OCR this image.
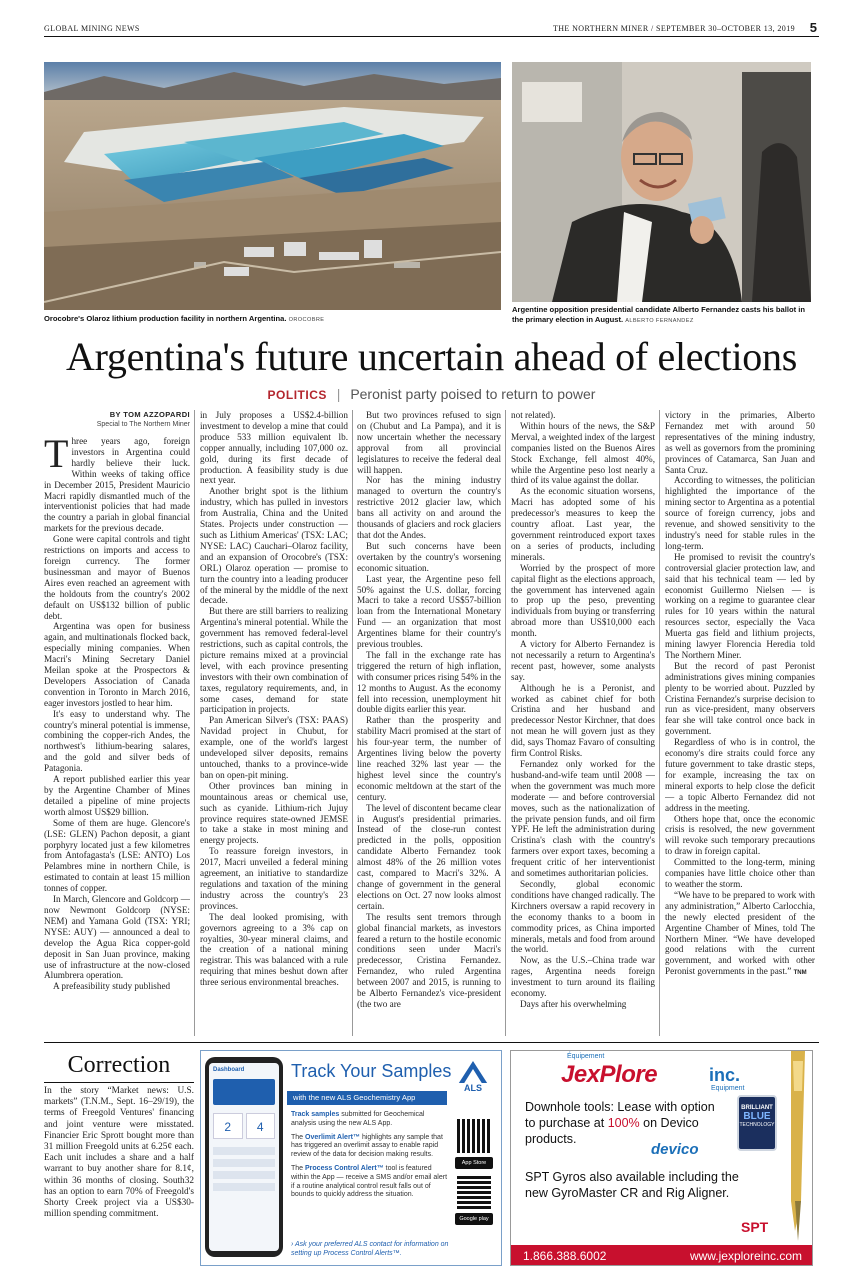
GLOBAL MINING NEWS	THE NORTHERN MINER / SEPTEMBER 30–OCTOBER 13, 2019 5
Orocobre's Olaroz lithium production facility in northern Argentina. OROCOBRE
Argentine opposition presidential candidate Alberto Fernandez casts his ballot in the primary election in August. ALBERTO FERNANDEZ
Argentina's future uncertain ahead of elections
POLITICS | Peronist party poised to return to power
BY TOM AZZOPARDI
Special to The Northern Miner

Three years ago, foreign investors in Argentina could hardly believe their luck. Within weeks of taking office in December 2015, President Mauricio Macri rapidly dismantled much of the interventionist policies that had made the country a pariah in global financial markets for the previous decade.

Gone were capital controls and tight restrictions on imports and access to foreign currency. The former businessman and mayor of Buenos Aires even reached an agreement with the holdouts from the country's 2002 default on US$132 billion of public debt.

Argentina was open for business again, and multinationals flocked back, especially mining companies. When Macri's Mining Secretary Daniel Meilan spoke at the Prospectors & Developers Association of Canada convention in Toronto in March 2016, eager investors jostled to hear him.

It's easy to understand why. The country's mineral potential is immense, combining the copper-rich Andes, the northwest's lithium-bearing salares, and the gold and silver beds of Patagonia.

A report published earlier this year by the Argentine Chamber of Mines detailed a pipeline of mine projects worth almost US$29 billion.

Some of them are huge. Glencore's (LSE: GLEN) Pachon deposit, a giant porphyry located just a few kilometres from Antofagasta's (LSE: ANTO) Los Pelambres mine in northern Chile, is estimated to contain at least 15 million tonnes of copper.

In March, Glencore and Goldcorp — now Newmont Goldcorp (NYSE: NEM) and Yamana Gold (TSX: YRI; NYSE: AUY) — announced a deal to develop the Agua Rica copper-gold deposit in San Juan province, making use of infrastructure at the now-closed Alumbrera operation.

A prefeasibility study published

in July proposes a US$2.4-billion investment to develop a mine that could produce 533 million equivalent lb. copper annually, including 107,000 oz. gold, during its first decade of production. A feasibility study is due next year.

Another bright spot is the lithium industry, which has pulled in investors from Australia, China and the United States. Projects under construction — such as Lithium Americas' (TSX: LAC; NYSE: LAC) Cauchari–Olaroz facility, and an expansion of Orocobre's (TSX: ORL) Olaroz operation — promise to turn the country into a leading producer of the mineral by the middle of the next decade.

But there are still barriers to realizing Argentina's mineral potential. While the government has removed federal-level restrictions, such as capital controls, the picture remains mixed at a provincial level, with each province presenting investors with their own combination of taxes, regulatory requirements, and, in some cases, demand for state participation in projects.

Pan American Silver's (TSX: PAAS) Navidad project in Chubut, for example, one of the world's largest undeveloped silver deposits, remains untouched, thanks to a province-wide ban on open-pit mining.

Other provinces ban mining in mountainous areas or chemical use, such as cyanide. Lithium-rich Jujuy province requires state-owned JEMSE to take a stake in most mining and energy projects.

To reassure foreign investors, in 2017, Macri unveiled a federal mining agreement, an initiative to standardize regulations and taxation of the mining industry across the country's 23 provinces.

The deal looked promising, with governors agreeing to a 3% cap on royalties, 30-year mineral claims, and the creation of a national mining registrar. This was balanced with a rule requiring that mines beshut down after three serious environmental breaches.

But two provinces refused to sign on (Chubut and La Pampa), and it is now uncertain whether the necessary approval from all provincial legislatures to receive the federal deal will happen.

Nor has the mining industry managed to overturn the country's restrictive 2012 glacier law, which bans all activity on and around the thousands of glaciers and rock glaciers that dot the Andes.

But such concerns have been overtaken by the country's worsening economic situation.

Last year, the Argentine peso fell 50% against the U.S. dollar, forcing Macri to take a record US$57-billion loan from the International Monetary Fund — an organization that most Argentines blame for their country's previous troubles.

The fall in the exchange rate has triggered the return of high inflation, with consumer prices rising 54% in the 12 months to August. As the economy fell into recession, unemployment hit double digits earlier this year.

Rather than the prosperity and stability Macri promised at the start of his four-year term, the number of Argentines living below the poverty line reached 32% last year — the highest level since the country's economic meltdown at the start of the century.

The level of discontent became clear in August's presidential primaries. Instead of the close-run contest predicted in the polls, opposition candidate Alberto Fernandez took almost 48% of the 26 million votes cast, compared to Macri's 32%. A change of government in the general elections on Oct. 27 now looks almost certain.

The results sent tremors through global financial markets, as investors feared a return to the hostile economic conditions seen under Macri's predecessor, Cristina Fernandez. Fernandez, who ruled Argentina between 2007 and 2015, is running to be Alberto Fernandez's vice-president (the two are

not related).

Within hours of the news, the S&P Merval, a weighted index of the largest companies listed on the Buenos Aires Stock Exchange, fell almost 40%, while the Argentine peso lost nearly a third of its value against the dollar.

As the economic situation worsens, Macri has adopted some of his predecessor's measures to keep the country afloat. Last year, the government reintroduced export taxes on a series of products, including minerals.

Worried by the prospect of more capital flight as the elections approach, the government has intervened again to prop up the peso, preventing individuals from buying or transferring abroad more than US$10,000 each month.

A victory for Alberto Fernandez is not necessarily a return to Argentina's recent past, however, some analysts say.

Although he is a Peronist, and worked as cabinet chief for both Cristina and her husband and predecessor Nestor Kirchner, that does not mean he will govern just as they did, says Thomaz Favaro of consulting firm Control Risks.

Fernandez only worked for the husband-and-wife team until 2008 — when the government was much more moderate — and before controversial moves, such as the nationalization of the private pension funds, and oil firm YPF. He left the administration during Cristina's clash with the country's farmers over export taxes, becoming a frequent critic of her interventionist and sometimes authoritarian policies.

Secondly, global economic conditions have changed radically. The Kirchners oversaw a rapid recovery in the economy thanks to a boom in commodity prices, as China imported minerals, metals and food from around the world.

Now, as the U.S.–China trade war rages, Argentina needs foreign investment to turn around its flailing economy.

Days after his overwhelming

victory in the primaries, Alberto Fernandez met with around 50 representatives of the mining industry, as well as governors from the promining provinces of Catamarca, San Juan and Santa Cruz.

According to witnesses, the politician highlighted the importance of the mining sector to Argentina as a potential source of foreign currency, jobs and revenue, and showed sensitivity to the industry's need for stable rules in the long-term.

He promised to revisit the country's controversial glacier protection law, and said that his technical team — led by economist Guillermo Nielsen — is working on a regime to guarantee clear rules for 10 years within the natural resources sector, especially the Vaca Muerta gas field and lithium projects, mining lawyer Florencia Heredia told The Northern Miner.

But the record of past Peronist administrations gives mining companies plenty to be worried about. Puzzled by Cristina Fernandez's surprise decision to run as vice-president, many observers fear she will take control once back in government.

Regardless of who is in control, the economy's dire straits could force any future government to take drastic steps, for example, increasing the tax on mineral exports to help close the deficit — a topic Alberto Fernandez did not address in the meeting.

Others hope that, once the economic crisis is resolved, the new government will revoke such temporary precautions to draw in foreign capital.

Committed to the long-term, mining companies have little choice other than to weather the storm.

“We have to be prepared to work with any administration,” Alberto Carlocchia, the newly elected president of the Argentine Chamber of Mines, told The Northern Miner. “We have developed good relations with the current government, and worked with other Peronist governments in the past.” TNM

Correction
In the story “Market news: U.S. markets” (T.N.M., Sept. 16–29/19), the terms of Freegold Ventures' financing and joint venture were misstated. Financier Eric Sprott bought more than 31 million Freegold units at 6.25¢ each. Each unit includes a share and a half warrant to buy another share for 8.1¢, within 36 months of closing. South32 has an option to earn 70% of Freegold's Shorty Creek project via a US$30-million spending commitment.
Dashboard
2	4
Track Your Samples
ALS
with the new ALS Geochemistry App
Track samples submitted for Geochemical analysis using the new ALS App.
The Overlimit Alert™ highlights any sample that has triggered an overlimit assay to enable rapid review of the data for decision making results.
The Process Control Alert™ tool is featured within the App — receive a SMS and/or email alert if a routine analytical control result falls out of bounds to quickly address the situation.
› Ask your preferred ALS contact for information on setting up Process Control Alerts™.
App Store
Google play
Équipement
JexPlore	inc.
Equipment
Downhole tools: Lease with option to purchase at 100% on Devico products.
devico
BRILLIANT
BLUE
TECHNOLOGY
SPT Gyros also available including the new GyroMaster CR and Rig Aligner.
SPT
1.866.388.6002	www.jexploreinc.com
